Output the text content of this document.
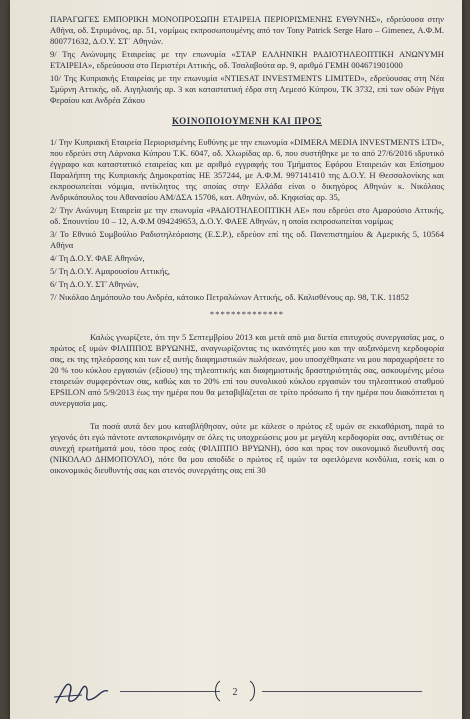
ΠΑΡΑΓΩΓΕΣ ΕΜΠΟΡΙΚΗ ΜΟΝΟΠΡΟΣΩΠΗ ΕΤΑΙΡΕΙΑ ΠΕΡΙΟΡΙΣΜΕΝΗΣ ΕΥΘΥΝΗΣ», εδρεύουσα στην Αθήνα, οδ. Στρυμόνος, αρ. 51, νομίμως εκπροσωπουμένης από τον Tony Patrick Serge Haro – Gimenez, Α.Φ.Μ. 800771632, Δ.Ο.Υ. ΣΤ΄ Αθηνών.

9/ Της Ανώνυμης Εταιρείας με την επωνυμία «ΣΤΑΡ ΕΛΛΗΝΙΚΗ ΡΑΔΙΟΤΗΛΕΟΠΤΙΚΗ ΑΝΩΝΥΜΗ ΕΤΑΙΡΕΙΑ», εδρεύουσα στο Περιστέρι Αττικής, οδ. Τσαλαβούτα αρ. 9, αριθμό ΓΕΜΗ 004671901000

10/ Της Κυπριακής Εταιρείας με την επωνυμία «NTIESAT INVESTMENTS LIMITED», εδρεύουσας στη Νέα Σμύρνη Αττικής, οδ. Αιγηλιαιής αρ. 3 και καταστατική έδρα στη Λεμεσό Κύπρου, ΤΚ 3732, επί των οδών Ρήγα Φεραίου και Ανδρέα Ζάκου

ΚΟΙΝΟΠΟΙΟΥΜΕΝΗ ΚΑΙ ΠΡΟΣ

1/ Την Κυπριακή Εταιρεία Περιορισμένης Ευθύνης με την επωνυμία «DIMERA MEDIA INVESTMENTS LTD», που εδρεύει στη Λάρνακα Κύπρου Τ.Κ. 6047, οδ. Χλωρίδας αρ. 6, που συστήθηκε με το από 27/6/2016 ιδρυτικό έγγραφο και καταστατικό εταιρείας και με αριθμό εγγραφής του Τμήματος Εφόρου Εταιρειών και Επίσημου Παραλήπτη της Κυπριακής Δημοκρατίας ΗΕ 357244, με Α.Φ.Μ. 997141410 της Δ.Ο.Υ. Η Θεσσαλονίκης και εκπροσωπείται νόμιμα, αντίκλητος της οποίας στην Ελλάδα είναι ο δικηγόρος Αθηνών κ. Νικόλαος Ανδρικόπουλος του Αθανασίου ΑΜ/ΔΣΑ 15706, κατ. Αθηνών, οδ. Κηφισίας αρ. 35,

2/ Την Ανώνυμη Εταιρεία με την επωνυμία «ΡΑΔΙΟΤΗΛΕΟΠΤΙΚΗ ΑΕ» που εδρεύει στο Αμαρούσιο Αττικής, οδ. Σπουντίου 10 – 12, Α.Φ.Μ 094249653, Δ.Ο.Υ. ΦΑΕΕ Αθηνών, η οποία εκπροσωπείται νομίμως

3/ Το Εθνικό Συμβούλιο Ραδιοτηλεόρασης (Ε.Σ.Ρ.), εδρεύον επί της οδ. Πανεπιστημίου & Αμερικής 5, 10564 Αθήνα

4/ Τη Δ.Ο.Υ. ΦΑΕ Αθηνών,

5/ Τη Δ.Ο.Υ. Αμαρουσίου Αττικής,

6/ Τη Δ.Ο.Υ. ΣΤ΄Αθηνών,

7/ Νικόλαο Δημόπουλο του Ανδρέα, κάτοικο Πετραλώνων Αττικής, οδ. Καλισθένους αρ. 98, Τ.Κ. 11852

**************

Καλώς γνωρίζετε, ότι την 5 Σεπτεμβρίου 2013 και μετά από μια διετία επιτυχούς συνεργασίας μας, ο πρώτος εξ υμών ΦΙΛΙΠΠΟΣ ΒΡΥΩΝΗΣ, αναγνωρίζοντας τις ικανότητές μου και την αυξανόμενη κερδοφορία σας, εκ της τηλεόρασης και των εξ αυτής διαφημιστικών πωλήσεων, μου υποσχέθηκατε να μου παραχωρήσετε το 20 % του κύκλου εργασιών (εξίσου) της τηλεοπτικής και διαφημιστικής δραστηριότητάς σας, ασκουμένης μέσω εταιρειών συμφερόντων σας, καθώς και το 20% επί του συνολικού κύκλου εργασιών του τηλεοπτικού σταθμού EPSILON από 5/9/2013 έως την ημέρα που θα μεταβιβάζεται σε τρίτο πρόσωπο ή την ημέρα που διακόπτεται η συνεργασία μας.

Τα ποσά αυτά δεν μου καταβλήθησαν, ούτε με κάλεσε ο πρώτος εξ υμών σε εκκαθάριση, παρά το γεγονός ότι εγώ πάντοτε ανταποκρινόμην σε όλες τις υποχρεώσεις μου με μεγάλη κερδοφορία σας, αντιθέτως σε συνεχή ερωτήματά μου, τόσο προς εσάς (ΦΙΛΙΠΠΟ ΒΡΥΩΝΗ), όσο και προς τον οικονομικό διευθυντή σας (ΝΙΚΟΛΑΟ ΔΗΜΟΠΟΥΛΟ), πότε θα μου αποδίδε ο πρώτος εξ υμών τα οφειλόμενα κονδύλια, εσείς και ο οικονομικός διευθυντής σας και στενός συνεργάτης σας επί 30

2
